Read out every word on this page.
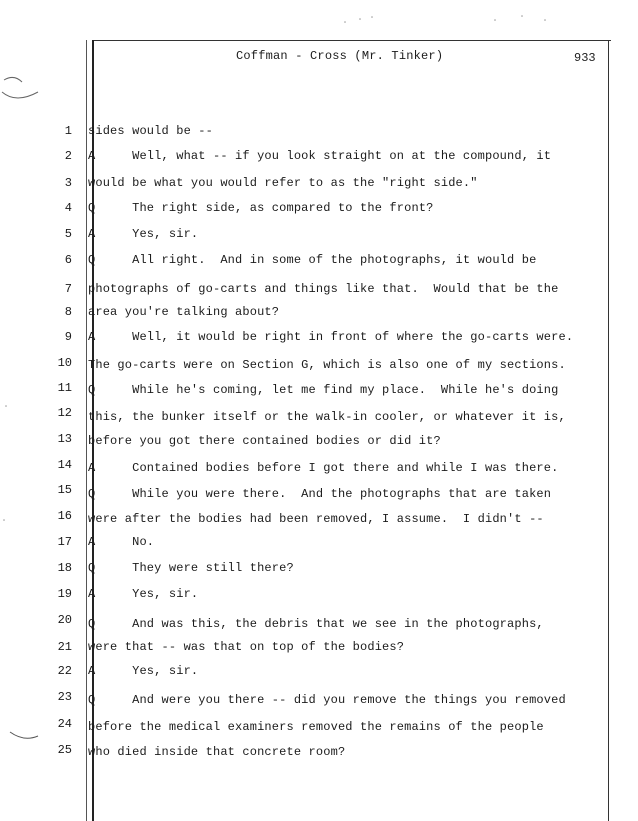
Coffman - Cross (Mr. Tinker)	933
1 sides would be --
2 A     Well, what -- if you look straight on at the compound, it
3 would be what you would refer to as the "right side."
4 Q     The right side, as compared to the front?
5 A     Yes, sir.
6 Q     All right.  And in some of the photographs, it would be
7 photographs of go-carts and things like that.  Would that be the
8 area you're talking about?
9 A     Well, it would be right in front of where the go-carts were.
10 The go-carts were on Section G, which is also one of my sections.
11 Q     While he's coming, let me find my place.  While he's doing
12 this, the bunker itself or the walk-in cooler, or whatever it is,
13 before you got there contained bodies or did it?
14 A     Contained bodies before I got there and while I was there.
15 Q     While you were there.  And the photographs that are taken
16 were after the bodies had been removed, I assume.  I didn't --
17 A     No.
18 Q     They were still there?
19 A     Yes, sir.
20 Q     And was this, the debris that we see in the photographs,
21 were that -- was that on top of the bodies?
22 A     Yes, sir.
23 Q     And were you there -- did you remove the things you removed
24 before the medical examiners removed the remains of the people
25 who died inside that concrete room?
